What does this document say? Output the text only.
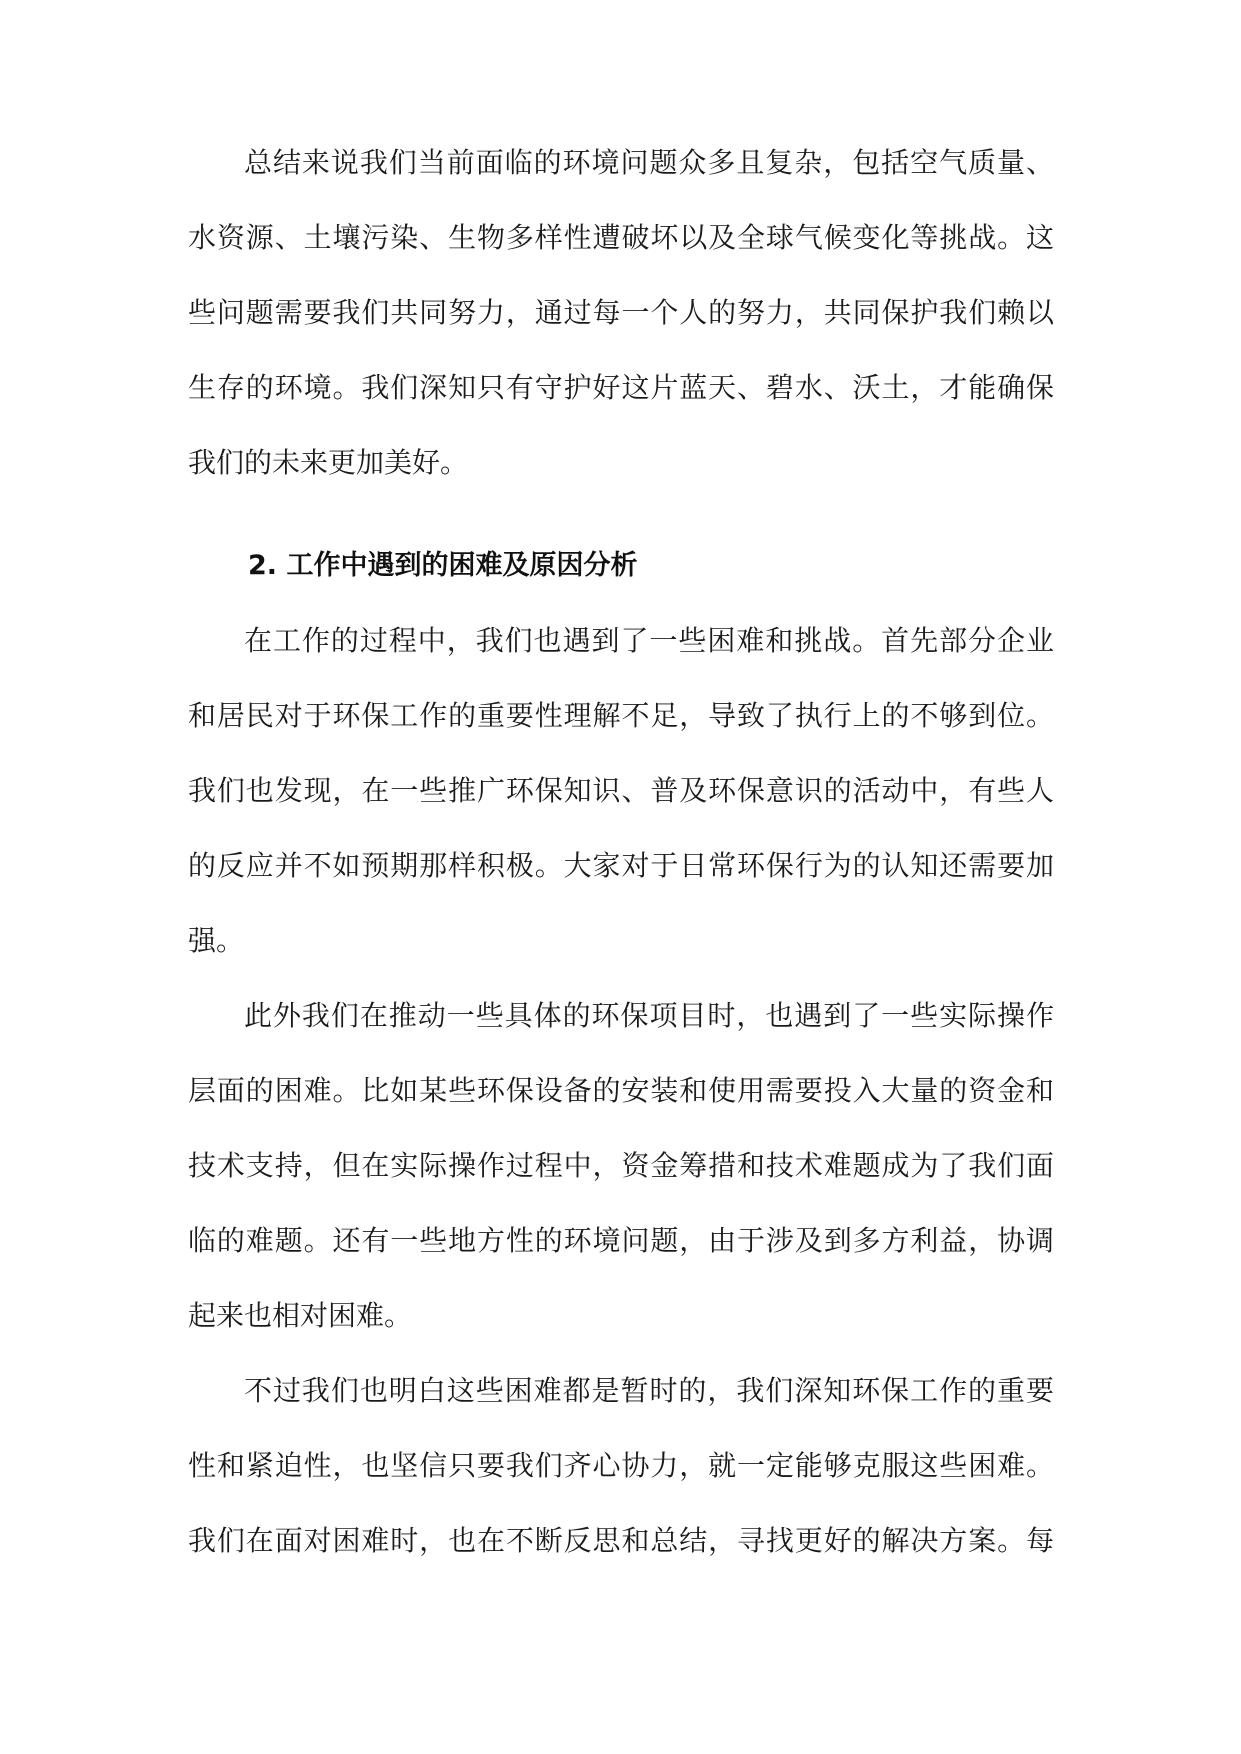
总结来说我们当前面临的环境问题众多且复杂，包括空气质量、
水资源、土壤污染、生物多样性遭破坏以及全球气候变化等挑战。这
些问题需要我们共同努力，通过每一个人的努力，共同保护我们赖以
生存的环境。我们深知只有守护好这片蓝天、碧水、沃土，才能确保
我们的未来更加美好。
2. 工作中遇到的困难及原因分析
在工作的过程中，我们也遇到了一些困难和挑战。首先部分企业
和居民对于环保工作的重要性理解不足，导致了执行上的不够到位。
我们也发现，在一些推广环保知识、普及环保意识的活动中，有些人
的反应并不如预期那样积极。大家对于日常环保行为的认知还需要加
强。
此外我们在推动一些具体的环保项目时，也遇到了一些实际操作
层面的困难。比如某些环保设备的安装和使用需要投入大量的资金和
技术支持，但在实际操作过程中，资金筹措和技术难题成为了我们面
临的难题。还有一些地方性的环境问题，由于涉及到多方利益，协调
起来也相对困难。
不过我们也明白这些困难都是暂时的，我们深知环保工作的重要
性和紧迫性，也坚信只要我们齐心协力，就一定能够克服这些困难。
我们在面对困难时，也在不断反思和总结，寻找更好的解决方案。每
